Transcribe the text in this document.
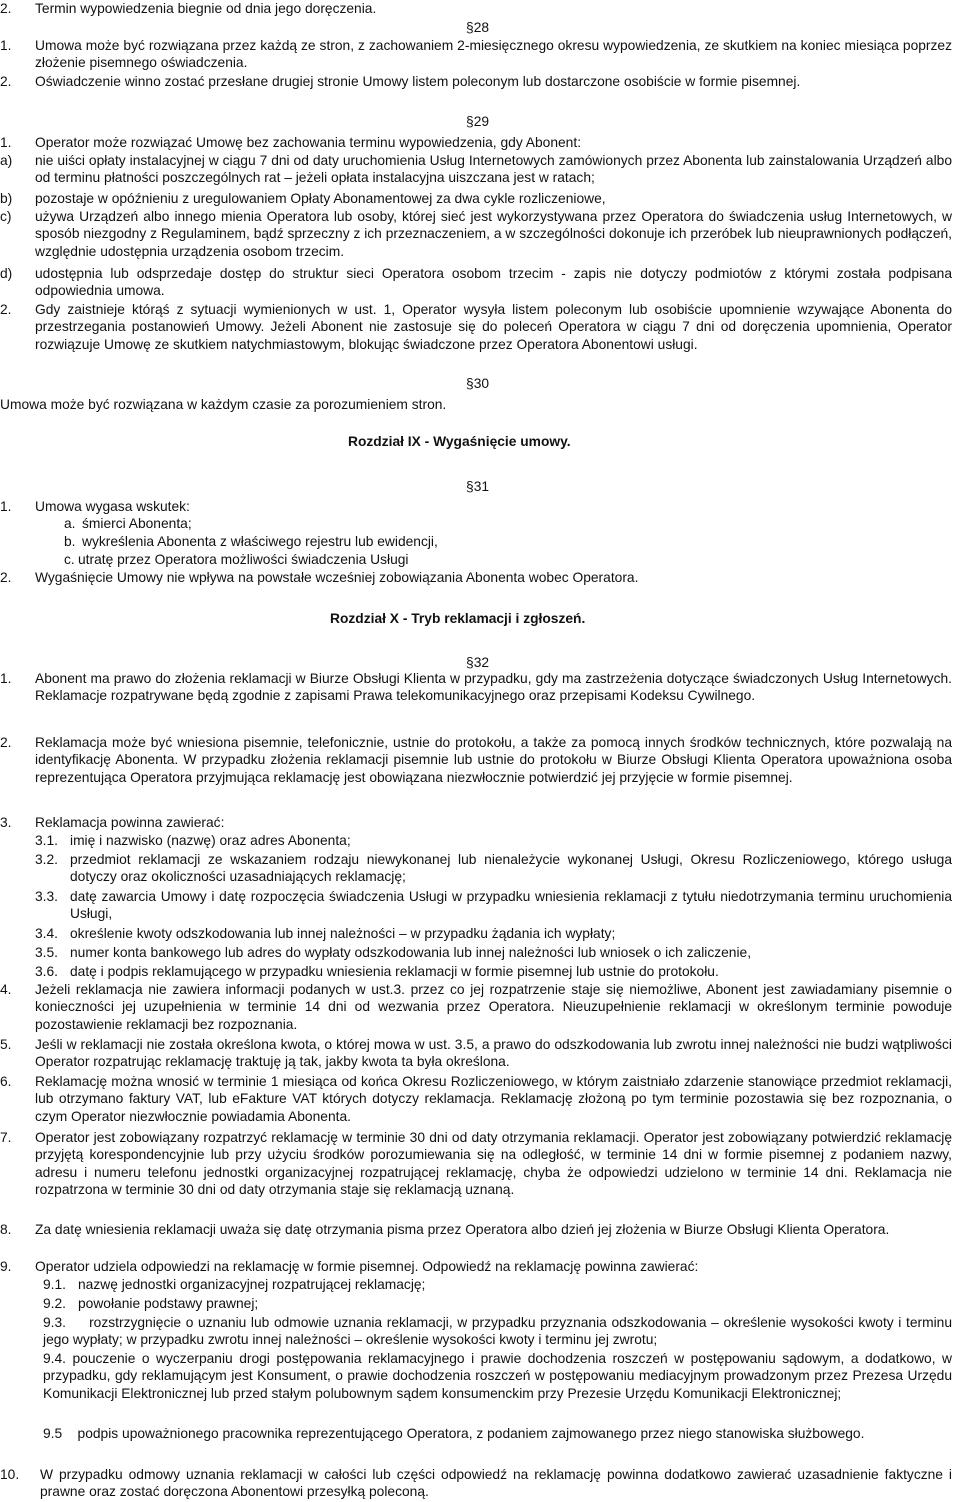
2.	Termin wypowiedzenia biegnie od dnia jego doręczenia.
§28
1.	Umowa może być rozwiązana przez każdą ze stron, z zachowaniem 2-miesięcznego okresu wypowiedzenia, ze skutkiem na koniec miesiąca poprzez złożenie pisemnego oświadczenia.
2.	Oświadczenie winno zostać przesłane drugiej stronie Umowy listem poleconym lub dostarczone osobiście w formie pisemnej.
§29
1.	Operator może rozwiązać Umowę bez zachowania terminu wypowiedzenia, gdy Abonent:
a)	nie uiści opłaty instalacyjnej w ciągu 7 dni od daty uruchomienia Usług Internetowych zamówionych przez Abonenta lub zainstalowania Urządzeń albo od terminu płatności poszczególnych rat – jeżeli opłata instalacyjna uiszczana jest w ratach;
b)	pozostaje w opóźnieniu z uregulowaniem Opłaty Abonamentowej za dwa cykle rozliczeniowe,
c)	używa Urządzeń albo innego mienia Operatora lub osoby, której sieć jest wykorzystywana przez Operatora do świadczenia usług Internetowych, w sposób niezgodny z Regulaminem, bądź sprzeczny z ich przeznaczeniem, a w szczególności dokonuje ich przeróbek lub nieuprawnionych podłączeń, względnie udostępnia urządzenia osobom trzecim.
d)	udostępnia lub odsprzedaje dostęp do struktur sieci Operatora osobom trzecim - zapis nie dotyczy podmiotów z którymi została podpisana odpowiednia umowa.
2.	Gdy zaistnieje którąś z sytuacji wymienionych w ust. 1, Operator wysyła listem poleconym lub osobiście upomnienie wzywające Abonenta do przestrzegania postanowień Umowy. Jeżeli Abonent nie zastosuje się do poleceń Operatora w ciągu 7 dni od doręczenia upomnienia, Operator rozwiązuje Umowę ze skutkiem natychmiastowym, blokując świadczone przez Operatora Abonentowi usługi.
§30
Umowa może być rozwiązana w każdym czasie za porozumieniem stron.
Rozdział IX - Wygaśnięcie umowy.
§31
1.	Umowa wygasa wskutek:
a. śmierci Abonenta;
b. wykreślenia Abonenta z właściwego rejestru lub ewidencji,
c. utratę przez Operatora możliwości świadczenia Usługi
2.	Wygaśnięcie Umowy nie wpływa na powstałe wcześniej zobowiązania Abonenta wobec Operatora.
Rozdział X - Tryb reklamacji i zgłoszeń.
§32
1.	Abonent ma prawo do złożenia reklamacji w Biurze Obsługi Klienta w przypadku, gdy ma zastrzeżenia dotyczące świadczonych Usług Internetowych. Reklamacje rozpatrywane będą zgodnie z zapisami Prawa telekomunikacyjnego oraz przepisami Kodeksu Cywilnego.
2.	Reklamacja może być wniesiona pisemnie, telefonicznie, ustnie do protokołu, a także za pomocą innych środków technicznych, które pozwalają na identyfikację Abonenta. W przypadku złożenia reklamacji pisemnie lub ustnie do protokołu w Biurze Obsługi Klienta Operatora upoważniona osoba reprezentująca Operatora przyjmująca reklamację jest obowiązana niezwłocznie potwierdzić jej przyjęcie w formie pisemnej.
3.	Reklamacja powinna zawierać:
3.1. imię i nazwisko (nazwę) oraz adres Abonenta;
3.2. przedmiot reklamacji ze wskazaniem rodzaju niewykonanej lub nienależycie wykonanej Usługi, Okresu Rozliczeniowego, którego usługa dotyczy oraz okoliczności uzasadniających reklamację;
3.3. datę zawarcia Umowy i datę rozpoczęcia świadczenia Usługi w przypadku wniesienia reklamacji z tytułu niedotrzymania terminu uruchomienia Usługi,
3.4. określenie kwoty odszkodowania lub innej należności – w przypadku żądania ich wypłaty;
3.5. numer konta bankowego lub adres do wypłaty odszkodowania lub innej należności lub wniosek o ich zaliczenie,
3.6. datę i podpis reklamującego w przypadku wniesienia reklamacji w formie pisemnej lub ustnie do protokołu.
4.	Jeżeli reklamacja nie zawiera informacji podanych w ust.3. przez co jej rozpatrzenie staje się niemożliwe, Abonent jest zawiadamiany pisemnie o konieczności jej uzupełnienia w terminie 14 dni od wezwania przez Operatora. Nieuzupełnienie reklamacji w określonym terminie powoduje pozostawienie reklamacji bez rozpoznania.
5.	Jeśli w reklamacji nie została określona kwota, o której mowa w ust. 3.5, a prawo do odszkodowania lub zwrotu innej należności nie budzi wątpliwości Operator rozpatrując reklamację traktuję ją tak, jakby kwota ta była określona.
6.	Reklamację można wnosić w terminie 1 miesiąca od końca Okresu Rozliczeniowego, w którym zaistniało zdarzenie stanowiące przedmiot reklamacji, lub otrzymano faktury VAT, lub eFakture VAT których dotyczy reklamacja. Reklamację złożoną po tym terminie pozostawia się bez rozpoznania, o czym Operator niezwłocznie powiadamia Abonenta.
7.	Operator jest zobowiązany rozpatrzyć reklamację w terminie 30 dni od daty otrzymania reklamacji. Operator jest zobowiązany potwierdzić reklamację przyjętą korespondencyjnie lub przy użyciu środków porozumiewania się na odległość, w terminie 14 dni w formie pisemnej z podaniem nazwy, adresu i numeru telefonu jednostki organizacyjnej rozpatrującej reklamację, chyba że odpowiedzi udzielono w terminie 14 dni. Reklamacja nie rozpatrzona w terminie 30 dni od daty otrzymania staje się reklamacją uznaną.
8.	Za datę wniesienia reklamacji uważa się datę otrzymania pisma przez Operatora albo dzień jej złożenia w Biurze Obsługi Klienta Operatora.
9.	Operator udziela odpowiedzi na reklamację w formie pisemnej. Odpowiedź na reklamację powinna zawierać:
9.1. nazwę jednostki organizacyjnej rozpatrującej reklamację;
9.2. powołanie podstawy prawnej;
9.3. rozstrzygnięcie o uznaniu lub odmowie uznania reklamacji, w przypadku przyznania odszkodowania – określenie wysokości kwoty i terminu jego wypłaty; w przypadku zwrotu innej należności – określenie wysokości kwoty i terminu jej zwrotu;
9.4. pouczenie o wyczerpaniu drogi postępowania reklamacyjnego i prawie dochodzenia roszczeń w postępowaniu sądowym, a dodatkowo, w przypadku, gdy reklamującym jest Konsument, o prawie dochodzenia roszczeń w postępowaniu mediacyjnym prowadzonym przez Prezesa Urzędu Komunikacji Elektronicznej lub przed stałym polubownym sądem konsumenckim przy Prezesie Urzędu Komunikacji Elektronicznej;
9.5 podpis upoważnionego pracownika reprezentującego Operatora, z podaniem zajmowanego przez niego stanowiska służbowego.
10.	W przypadku odmowy uznania reklamacji w całości lub części odpowiedź na reklamację powinna dodatkowo zawierać uzasadnienie faktyczne i prawne oraz zostać doręczona Abonentowi przesyłką poleconą.
